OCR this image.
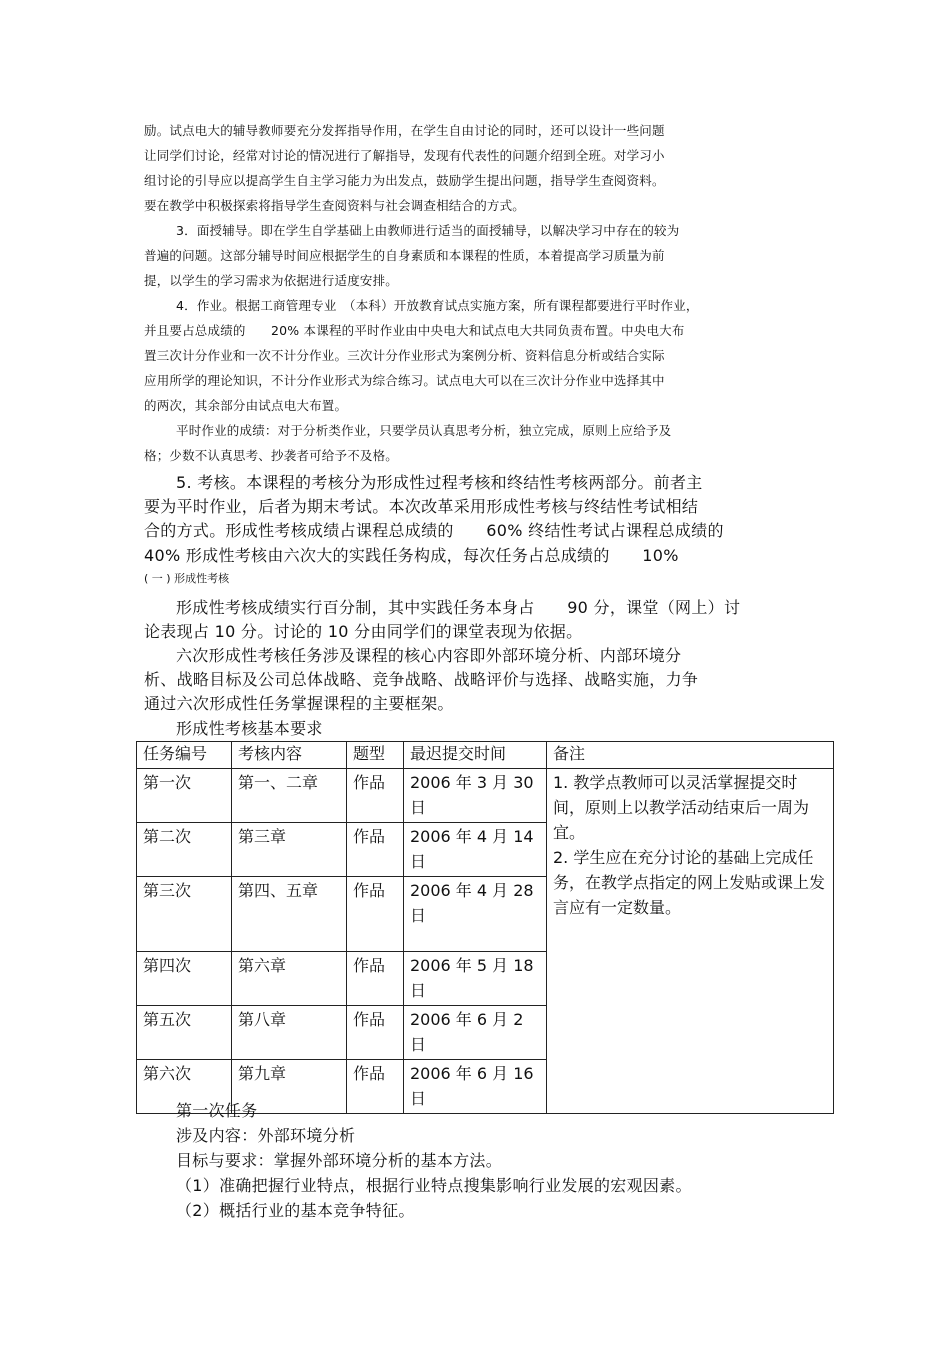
励。试点电大的辅导教师要充分发挥指导作用，在学生自由讨论的同时，还可以设计一些问题

让同学们讨论，经常对讨论的情况进行了解指导，发现有代表性的问题介绍到全班。对学习小

组讨论的引导应以提高学生自主学习能力为出发点，鼓励学生提出问题，指导学生查阅资料。

要在教学中积极探索将指导学生查阅资料与社会调查相结合的方式。

3．面授辅导。即在学生自学基础上由教师进行适当的面授辅导，以解决学习中存在的较为

普遍的问题。这部分辅导时间应根据学生的自身素质和本课程的性质，本着提高学习质量为前

提，以学生的学习需求为依据进行适度安排。

4．作业。根据工商管理专业　（本科）开放教育试点实施方案，所有课程都要进行平时作业，

并且要占总成绩的　　20% 本课程的平时作业由中央电大和试点电大共同负责布置。中央电大布

置三次计分作业和一次不计分作业。三次计分作业形式为案例分析、资料信息分析或结合实际

应用所学的理论知识，不计分作业形式为综合练习。试点电大可以在三次计分作业中选择其中

的两次，其余部分由试点电大布置。

平时作业的成绩：对于分析类作业，只要学员认真思考分析，独立完成，原则上应给予及

格；少数不认真思考、抄袭者可给予不及格。

5. 考核。本课程的考核分为形成性过程考核和终结性考核两部分。前者主

要为平时作业，后者为期末考试。本次改革采用形成性考核与终结性考试相结

合的方式。形成性考核成绩占课程总成绩的　　60% 终结性考试占课程总成绩的

40% 形成性考核由六次大的实践任务构成，每次任务占总成绩的　　10%

( 一 ) 形成性考核

形成性考核成绩实行百分制，其中实践任务本身占　　90 分，课堂（网上）讨

论表现占 10 分。讨论的 10 分由同学们的课堂表现为依据。

六次形成性考核任务涉及课程的核心内容即外部环境分析、内部环境分

析、战略目标及公司总体战略、竞争战略、战略评价与选择、战略实施，力争

通过六次形成性任务掌握课程的主要框架。

形成性考核基本要求

任务编号	考核内容	题型	最迟提交时间	备注
第一次	第一、二章	作品	2006 年 3 月 30 日	1. 教学点教师可以灵活掌握提交时间，原则上以教学活动结束后一周为宜。
2. 学生应在充分讨论的基础上完成任务，在教学点指定的网上发贴或课上发言应有一定数量。

第二次	第三章	作品	2006 年 4 月 14 日	
第三次	第四、五章	作品	2006 年 4 月 28 日	
第四次	第六章	作品	2006 年 5 月 18 日	
第五次	第八章	作品	2006 年 6 月 2 日	
第六次	第九章	作品	2006 年 6 月 16 日	

第一次任务

涉及内容：外部环境分析

目标与要求：掌握外部环境分析的基本方法。

（1）准确把握行业特点，根据行业特点搜集影响行业发展的宏观因素。

（2）概括行业的基本竞争特征。
